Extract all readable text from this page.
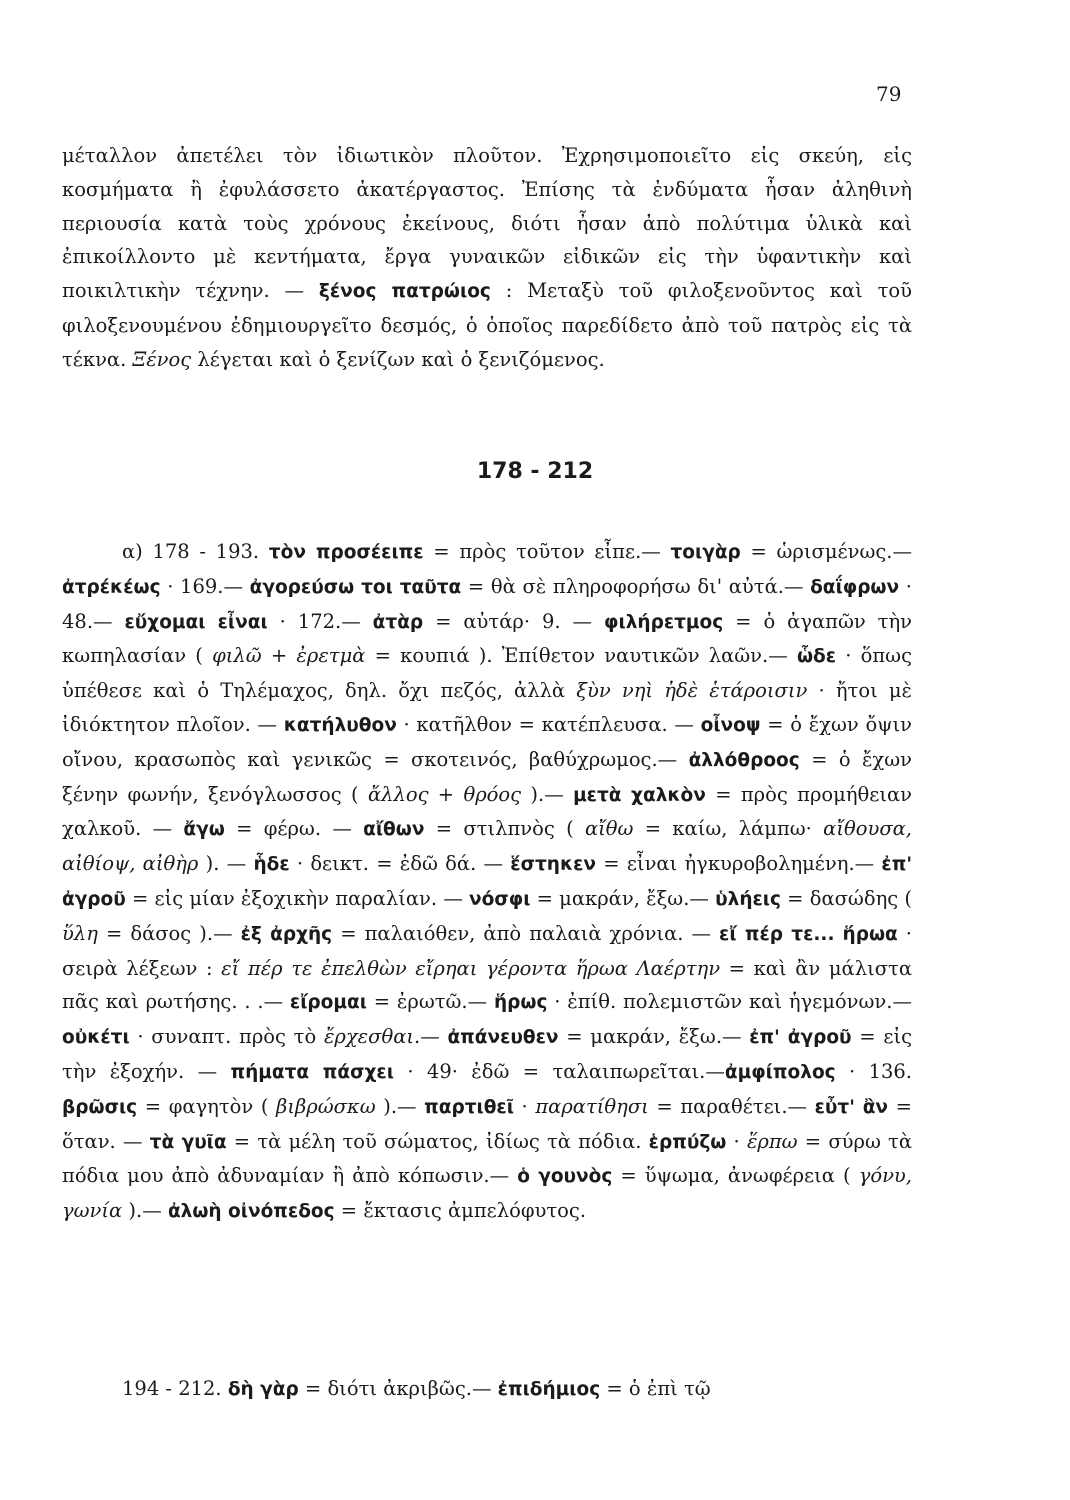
79

μέταλλον ἀπετέλει τὸν ἰδιωτικὸν πλοῦτον. Ἐχρησιμοποιεῖτο εἰς σκεύη, εἰς κοσμήματα ἢ ἐφυλάσσετο ἀκατέργαστος. Ἐπίσης τὰ ἐνδύματα ἦσαν ἀληθινὴ περιουσία κατὰ τοὺς χρόνους ἐκείνους, διότι ἦσαν ἀπὸ πολύτιμα ὑλικὰ καὶ ἐπικοίλλοντο μὲ κεντήματα, ἔργα γυναικῶν εἰδικῶν εἰς τὴν ὑφαντικὴν καὶ ποικιλτικὴν τέχνην. — ξένος πατρώιος : Μεταξὺ τοῦ φιλοξενοῦντος καὶ τοῦ φιλοξενουμένου ἐδημιουργεῖτο δεσμός, ὁ ὁποῖος παρεδίδετο ἀπὸ τοῦ πατρὸς εἰς τὰ τέκνα. Ξένος λέγεται καὶ ὁ ξενίζων καὶ ὁ ξενιζόμενος.

178 - 212

α) 178 - 193. τὸν προσέειπε = πρὸς τοῦτον εἶπε.— τοιγὰρ = ὡρισμένως.— ἀτρέκέως · 169.— ἀγορεύσω τοι ταῦτα = θὰ σὲ πληροφορήσω δι' αὐτά.— δαΐφρων · 48.— εὔχομαι εἶναι · 172.— ἀτὰρ = αὐτάρ· 9. — φιλήρετμος = ὁ ἀγαπῶν τὴν κωπηλασίαν ( φιλῶ + ἐρετμὰ = κουπιά ). Ἐπίθετον ναυτικῶν λαῶν.— ὧδε · ὅπως ὑπέθεσε καὶ ὁ Τηλέμαχος, δηλ. ὄχι πεζός, ἀλλὰ ξὺν νηὶ ἠδὲ ἑτάροισιν · ἤτοι μὲ ἰδιόκτητον πλοῖον. — κατήλυθον · κατῆλθον = κατέπλευσα. — οἶνοψ = ὁ ἔχων ὄψιν οἴνου, κρασωπὸς καὶ γενικῶς = σκοτεινός, βαθύχρωμος.— ἀλλόθροος = ὁ ἔχων ξένην φωνήν, ξενόγλωσσος ( ἄλλος + θρόος ).— μετὰ χαλκὸν = πρὸς προμήθειαν χαλκοῦ. — ἄγω = φέρω. — αἴθων = στιλπνὸς ( αἴθω = καίω, λάμπω· αἴθουσα, αἰθίοψ, αἰθὴρ ). — ἧδε · δεικτ. = ἐδῶ δά. — ἕστηκεν = εἶναι ἠγκυροβολημένη.— ἐπ' ἀγροῦ = εἰς μίαν ἐξοχικὴν παραλίαν. — νόσφι = μακράν, ἔξω.— ὑλήεις = δασώδης ( ὕλη = δάσος ).— ἐξ ἀρχῆς = παλαιόθεν, ἀπὸ παλαιὰ χρόνια. — εἴ πέρ τε... ἥρωα · σειρὰ λέξεων : εἴ πέρ τε ἐπελθὼν εἴρηαι γέροντα ἥρωα Λαέρτην = καὶ ἂν μάλιστα πᾶς καὶ ρωτήσης. . .— εἴρομαι = ἐρωτῶ.— ἥρως · ἐπίθ. πολεμιστῶν καὶ ἡγεμόνων.— οὐκέτι · συναπτ. πρὸς τὸ ἔρχεσθαι.— ἀπάνευθεν = μακράν, ἔξω.— ἐπ' ἀγροῦ = εἰς τὴν ἐξοχήν. — πήματα πάσχει · 49· ἐδῶ = ταλαιπωρεῖται.—ἀμφίπολος · 136. βρῶσις = φαγητὸν ( βιβρώσκω ).— παρτιθεῖ · παρατίθησι = παραθέτει.— εὖτ' ἂν = ὅταν. — τὰ γυῖα = τὰ μέλη τοῦ σώματος, ἰδίως τὰ πόδια. ἑρπύζω · ἕρπω = σύρω τὰ πόδια μου ἀπὸ ἀδυναμίαν ἢ ἀπὸ κόπωσιν.— ὁ γουνὸς = ὕψωμα, ἀνωφέρεια ( γόνυ, γωνία ).— ἀλωὴ οἰνόπεδος = ἔκτασις ἀμπελόφυτος.

194 - 212. δὴ γὰρ = διότι ἀκριβῶς.— ἐπιδήμιος = ὁ ἐπὶ τῷ
